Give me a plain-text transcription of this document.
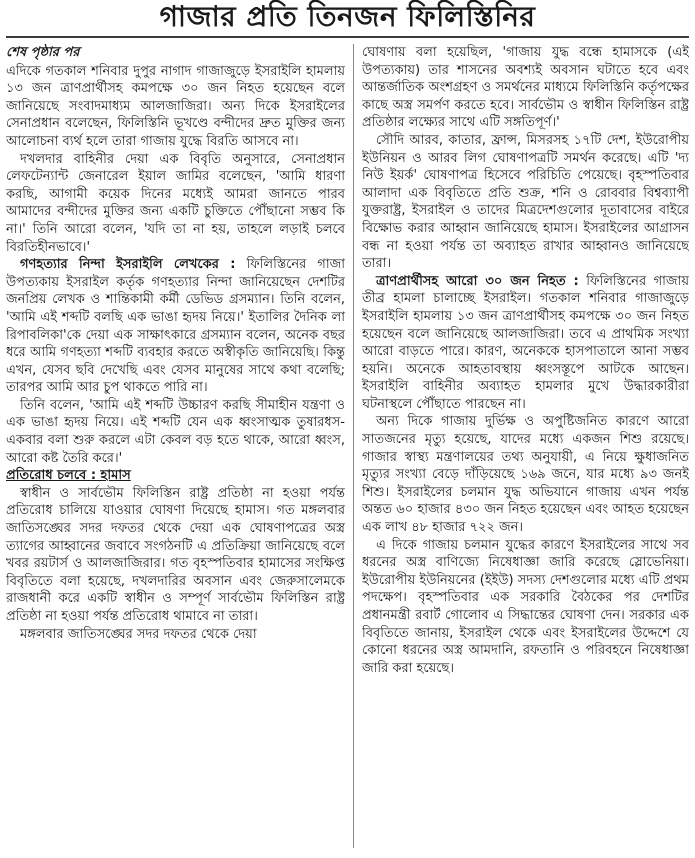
গাজার প্রতি তিনজন ফিলিস্তিনির

শেষ পৃষ্ঠার পর

এদিকে গতকাল শনিবার দুপুর নাগাদ গাজাজুড়ে ইসরাইলি হামলায় ১৩ জন ত্রাণপ্রার্থীসহ কমপক্ষে ৩০ জন নিহত হয়েছেন বলে জানিয়েছে সংবাদমাধ্যম আলজাজিরা। অন্য দিকে ইসরাইলের সেনাপ্রধান বলেছেন, ফিলিস্তিনি ভূখণ্ডে বন্দীদের দ্রুত মুক্তির জন্য আলোচনা ব্যর্থ হলে তারা গাজায় যুদ্ধে বিরতি আসবে না।

দখলদার বাহিনীর দেয়া এক বিবৃতি অনুসারে, সেনাপ্রধান লেফটেন্যান্ট জেনারেল ইয়াল জামির বলেছেন, 'আমি ধারণা করছি, আগামী কয়েক দিনের মধ্যেই আমরা জানতে পারব আমাদের বন্দীদের মুক্তির জন্য একটি চুক্তিতে পৌঁছানো সম্ভব কি না।' তিনি আরো বলেন, 'যদি তা না হয়, তাহলে লড়াই চলবে বিরতিহীনভাবে।'

গণহত্যার নিন্দা ইসরাইলি লেখকের : ফিলিস্তিনের গাজা উপত্যকায় ইসরাইল কর্তৃক গণহত্যার নিন্দা জানিয়েছেন দেশটির জনপ্রিয় লেখক ও শান্তিকামী কর্মী ডেভিড গ্রসম্যান। তিনি বলেন, 'আমি এই শব্দটি বলছি এক ভাঙা হৃদয় নিয়ে।' ইতালির দৈনিক লা রিপাবলিকা'কে দেয়া এক সাক্ষাৎকারে গ্রসম্যান বলেন, অনেক বছর ধরে আমি গণহত্যা শব্দটি ব্যবহার করতে অস্বীকৃতি জানিয়েছি। কিন্তু এখন, যেসব ছবি দেখেছি এবং যেসব মানুষের সাথে কথা বলেছি; তারপর আমি আর চুপ থাকতে পারি না।

তিনি বলেন, 'আমি এই শব্দটি উচ্চারণ করছি সীমাহীন যন্ত্রণা ও এক ভাঙা হৃদয় নিয়ে। এই শব্দটি যেন এক ধ্বংসাত্মক তুষারধস- একবার বলা শুরু করলে এটা কেবল বড় হতে থাকে, আরো ধ্বংস, আরো কষ্ট তৈরি করে।'

প্রতিরোধ চলবে : হামাস

স্বাধীন ও সার্বভৌম ফিলিস্তিন রাষ্ট্র প্রতিষ্ঠা না হওয়া পর্যন্ত প্রতিরোধ চালিয়ে যাওয়ার ঘোষণা দিয়েছে হামাস। গত মঙ্গলবার জাতিসঙ্ঘের সদর দফতর থেকে দেয়া এক ঘোষণাপত্রের অস্ত্র ত্যাগের আহ্বানের জবাবে সংগঠনটি এ প্রতিক্রিয়া জানিয়েছে বলে খবর রয়টার্স ও আলজাজিরার। গত বৃহস্পতিবার হামাসের সংক্ষিপ্ত বিবৃতিতে বলা হয়েছে, দখলদারির অবসান এবং জেরুসালেমকে রাজধানী করে একটি স্বাধীন ও সম্পূর্ণ সার্বভৌম ফিলিস্তিন রাষ্ট্র প্রতিষ্ঠা না হওয়া পর্যন্ত প্রতিরোধ থামাবে না তারা।

মঙ্গলবার জাতিসঙ্ঘের সদর দফতর থেকে দেয়া

ঘোষণায় বলা হয়েছিল, 'গাজায় যুদ্ধ বন্ধে হামাসকে (এই উপত্যকায়) তার শাসনের অবশ্যই অবসান ঘটাতে হবে এবং আন্তর্জাতিক অংশগ্রহণ ও সমর্থনের মাধ্যমে ফিলিস্তিনি কর্তৃপক্ষের কাছে অস্ত্র সমর্পণ করতে হবে। সার্বভৌম ও স্বাধীন ফিলিস্তিন রাষ্ট্র প্রতিষ্ঠার লক্ষ্যের সাথে এটি সঙ্গতিপূর্ণ।'

সৌদি আরব, কাতার, ফ্রান্স, মিসরসহ ১৭টি দেশ, ইউরোপীয় ইউনিয়ন ও আরব লিগ ঘোষণাপত্রটি সমর্থন করেছে। এটি 'দ্য নিউ ইয়র্ক' ঘোষণাপত্র হিসেবে পরিচিতি পেয়েছে। বৃহস্পতিবার আলাদা এক বিবৃতিতে প্রতি শুক্র, শনি ও রোববার বিশ্বব্যাপী যুক্তরাষ্ট্র, ইসরাইল ও তাদের মিত্রদেশগুলোর দূতাবাসের বাইরে বিক্ষোভ করার আহ্বান জানিয়েছে হামাস। ইসরাইলের আগ্রাসন বন্ধ না হওয়া পর্যন্ত তা অব্যাহত রাখার আহ্বানও জানিয়েছে তারা।

ত্রাণপ্রার্থীসহ আরো ৩০ জন নিহত : ফিলিস্তিনের গাজায় তীব্র হামলা চালাচ্ছে ইসরাইল। গতকাল শনিবার গাজাজুড়ে ইসরাইলি হামলায় ১৩ জন ত্রাণপ্রার্থীসহ কমপক্ষে ৩০ জন নিহত হয়েছেন বলে জানিয়েছে আলজাজিরা। তবে এ প্রাথমিক সংখ্যা আরো বাড়তে পারে। কারণ, অনেককে হাসপাতালে আনা সম্ভব হয়নি। অনেকে আহতাবস্থায় ধ্বংসস্তূপে আটকে আছেন। ইসরাইলি বাহিনীর অব্যাহত হামলার মুখে উদ্ধারকারীরা ঘটনাস্থলে পৌঁছাতে পারছেন না।

অন্য দিকে গাজায় দুর্ভিক্ষ ও অপুষ্টিজনিত কারণে আরো সাতজনের মৃত্যু হয়েছে, যাদের মধ্যে একজন শিশু রয়েছে। গাজার স্বাস্থ্য মন্ত্রণালয়ের তথ্য অনুযায়ী, এ নিয়ে ক্ষুধাজনিত মৃত্যুর সংখ্যা বেড়ে দাঁড়িয়েছে ১৬৯ জনে, যার মধ্যে ৯৩ জনই শিশু। ইসরাইলের চলমান যুদ্ধ অভিযানে গাজায় এখন পর্যন্ত অন্তত ৬০ হাজার ৪৩০ জন নিহত হয়েছেন এবং আহত হয়েছেন এক লাখ ৪৮ হাজার ৭২২ জন।

এ দিকে গাজায় চলমান যুদ্ধের কারণে ইসরাইলের সাথে সব ধরনের অস্ত্র বাণিজ্যে নিষেধাজ্ঞা জারি করেছে স্লোভেনিয়া। ইউরোপীয় ইউনিয়নের (ইইউ) সদস্য দেশগুলোর মধ্যে এটি প্রথম পদক্ষেপ। বৃহস্পতিবার এক সরকারি বৈঠকের পর দেশটির প্রধানমন্ত্রী রবার্ট গোলোব এ সিদ্ধান্তের ঘোষণা দেন। সরকার এক বিবৃতিতে জানায়, ইসরাইল থেকে এবং ইসরাইলের উদ্দেশে যে কোনো ধরনের অস্ত্র আমদানি, রফতানি ও পরিবহনে নিষেধাজ্ঞা জারি করা হয়েছে।
